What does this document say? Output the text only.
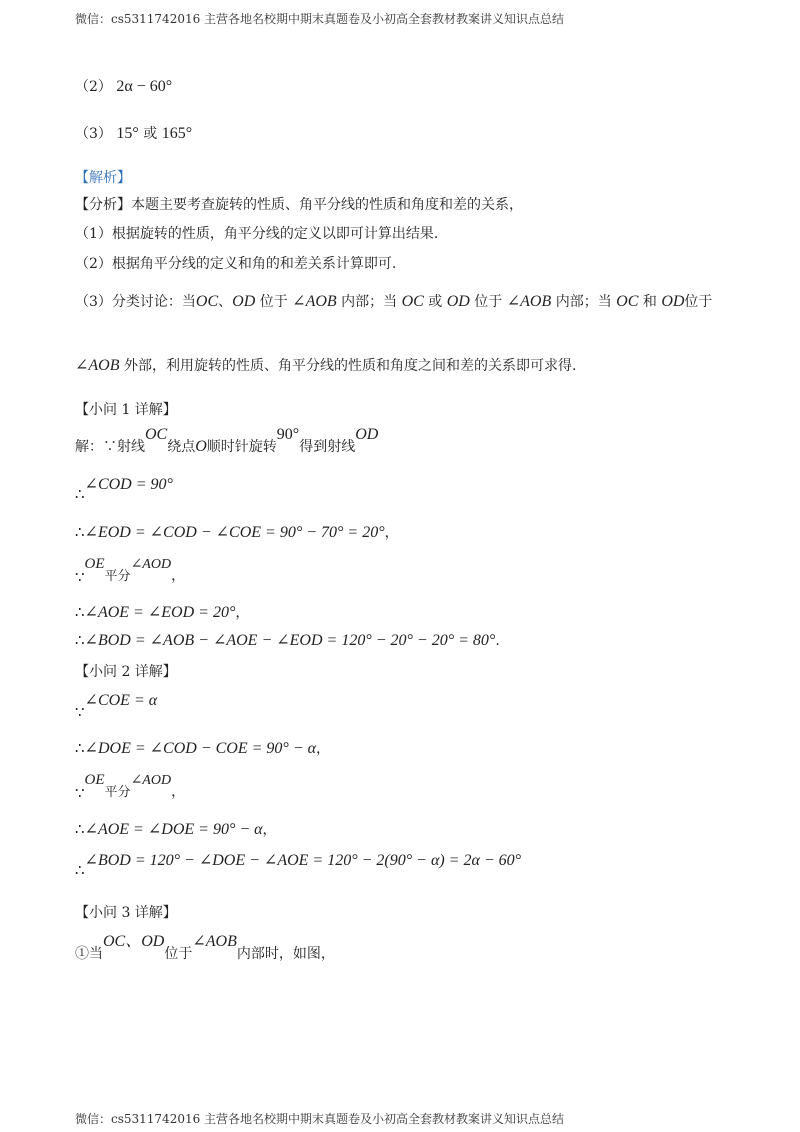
微信：cs5311742016 主营各地名校期中期末真题卷及小初高全套教材教案讲义知识点总结
（2） 2α − 60°
（3） 15° 或 165°
【解析】
【分析】本题主要考查旋转的性质、角平分线的性质和角度和差的关系，
（1）根据旋转的性质，角平分线的定义以即可计算出结果.
（2）根据角平分线的定义和角的和差关系计算即可.
（3）分类讨论：当OC、OD 位于 ∠AOB 内部；当 OC 或 OD 位于 ∠AOB 内部；当 OC 和 OD位于
∠AOB 外部，利用旋转的性质、角平分线的性质和角度之间和差的关系即可求得.
【小问 1 详解】
解：∵射线OC绕点O顺时针旋转90°得到射线OD
∴∠COD = 90°
∴∠EOD = ∠COD − ∠COE = 90° − 70° = 20°，
∵OE平分∠AOD，
∴∠AOE = ∠EOD = 20°，
∴∠BOD = ∠AOB − ∠AOE − ∠EOD = 120° − 20° − 20° = 80°.
【小问 2 详解】
∵∠COE = α
∴∠DOE = ∠COD − COE = 90° − α，
∵OE平分∠AOD，
∴∠AOE = ∠DOE = 90° − α，
∴∠BOD = 120° − ∠DOE − ∠AOE = 120° − 2(90° − α) = 2α − 60°
【小问 3 详解】
①当OC、OD位于∠AOB内部时，如图，
微信：cs5311742016 主营各地名校期中期末真题卷及小初高全套教材教案讲义知识点总结
